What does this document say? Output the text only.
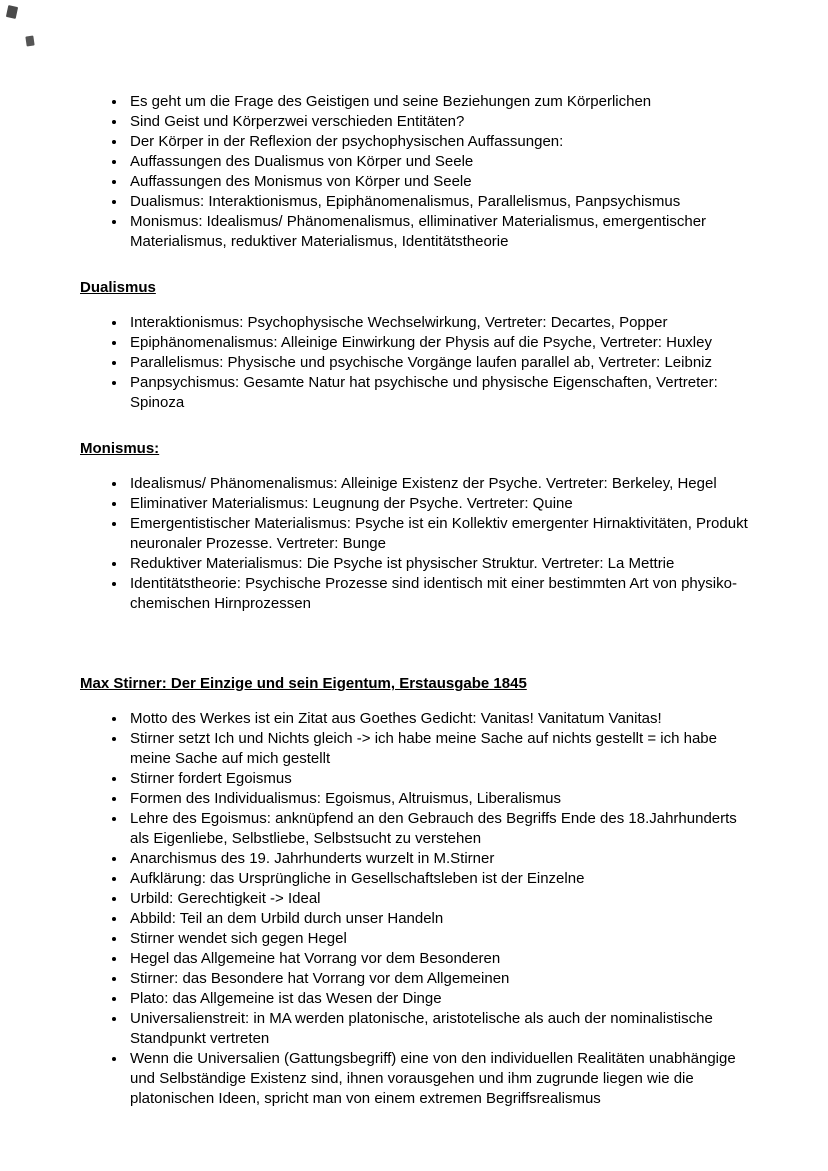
• Es geht um die Frage des Geistigen und seine Beziehungen zum Körperlichen
• Sind Geist und Körperzwei verschieden Entitäten?
• Der Körper in der Reflexion der psychophysischen Auffassungen:
• Auffassungen des Dualismus von Körper und Seele
• Auffassungen des Monismus von Körper und Seele
• Dualismus: Interaktionismus, Epiphänomenalismus, Parallelismus, Panpsychismus
• Monismus: Idealismus/ Phänomenalismus, elliminativer Materialismus, emergentischer Materialismus, reduktiver Materialismus, Identitätstheorie
Dualismus
• Interaktionismus: Psychophysische Wechselwirkung, Vertreter: Decartes, Popper
• Epiphänomenalismus: Alleinige Einwirkung der Physis auf die Psyche, Vertreter: Huxley
• Parallelismus: Physische und psychische Vorgänge laufen parallel ab, Vertreter: Leibniz
• Panpsychismus: Gesamte Natur hat psychische und physische Eigenschaften, Vertreter: Spinoza
Monismus:
• Idealismus/ Phänomenalismus: Alleinige Existenz der Psyche. Vertreter: Berkeley, Hegel
• Eliminativer Materialismus: Leugnung der Psyche. Vertreter: Quine
• Emergentistischer Materialismus: Psyche ist ein Kollektiv emergenter Hirnaktivitäten, Produkt neuronaler Prozesse. Vertreter: Bunge
• Reduktiver Materialismus: Die Psyche ist physischer Struktur. Vertreter: La Mettrie
• Identitätstheorie: Psychische Prozesse sind identisch mit einer bestimmten Art von physiko-chemischen Hirnprozessen
Max Stirner: Der Einzige und sein Eigentum, Erstausgabe 1845
• Motto des Werkes ist ein Zitat aus Goethes Gedicht: Vanitas! Vanitatum Vanitas!
• Stirner setzt Ich und Nichts gleich -> ich habe meine Sache auf nichts gestellt = ich habe meine Sache auf mich gestellt
• Stirner fordert Egoismus
• Formen des Individualismus: Egoismus, Altruismus, Liberalismus
• Lehre des Egoismus: anknüpfend an den Gebrauch des Begriffs Ende des 18.Jahrhunderts als Eigenliebe, Selbstliebe, Selbstsucht zu verstehen
• Anarchismus des 19. Jahrhunderts wurzelt in M.Stirner
• Aufklärung: das Ursprüngliche in Gesellschaftsleben ist der Einzelne
• Urbild: Gerechtigkeit -> Ideal
• Abbild: Teil an dem Urbild durch unser Handeln
• Stirner wendet sich gegen Hegel
• Hegel das Allgemeine hat Vorrang vor dem Besonderen
• Stirner: das Besondere hat Vorrang vor dem Allgemeinen
• Plato: das Allgemeine ist das Wesen der Dinge
• Universalienstreit: in MA werden platonische, aristotelische als auch der nominalistische Standpunkt vertreten
• Wenn die Universalien (Gattungsbegriff) eine von den individuellen Realitäten unabhängige und Selbständige Existenz sind, ihnen vorausgehen und ihm zugrunde liegen wie die platonischen Ideen, spricht man von einem extremen Begriffsrealismus
